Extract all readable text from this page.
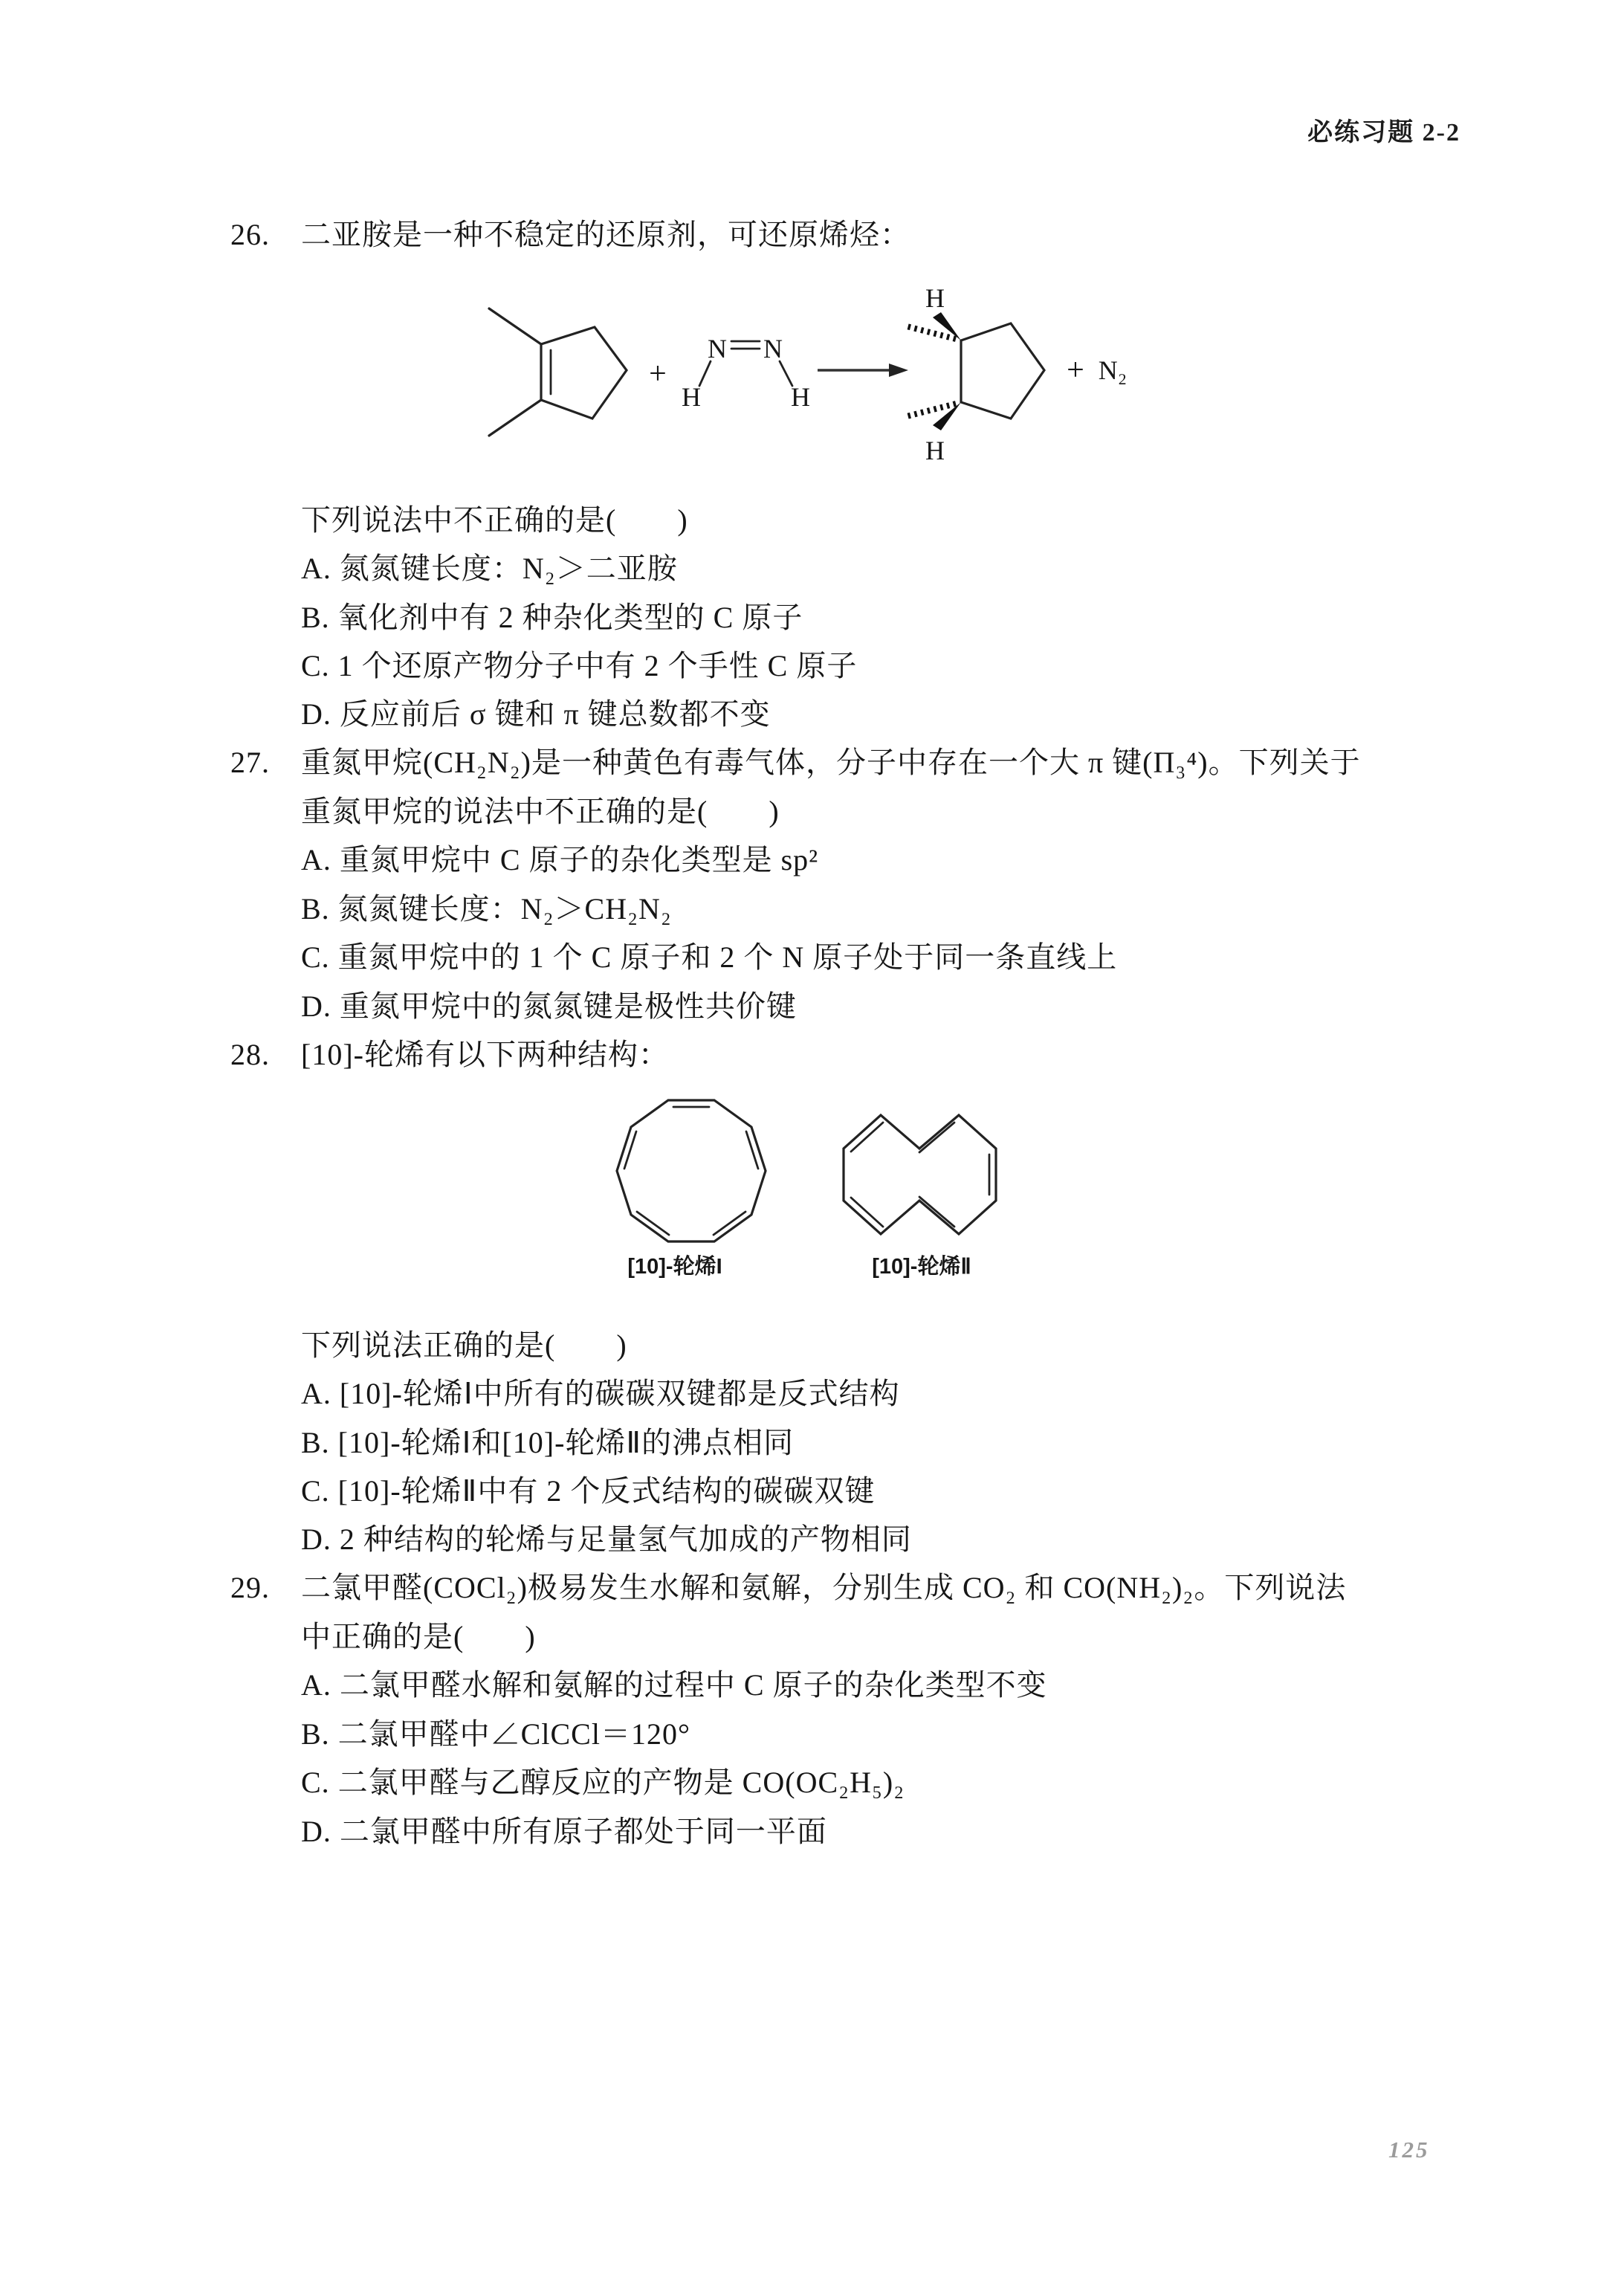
必练习题 2-2
26. 二亚胺是一种不稳定的还原剂，可还原烯烃：
+
N N
H	H
H
H
+ N₂
下列说法中不正确的是(　　)
A. 氮氮键长度：N₂＞二亚胺
B. 氧化剂中有 2 种杂化类型的 C 原子
C. 1 个还原产物分子中有 2 个手性 C 原子
D. 反应前后 σ 键和 π 键总数都不变
27. 重氮甲烷(CH₂N₂)是一种黄色有毒气体，分子中存在一个大 π 键(Π₃⁴)。下列关于
重氮甲烷的说法中不正确的是(　　)
A. 重氮甲烷中 C 原子的杂化类型是 sp²
B. 氮氮键长度：N₂＞CH₂N₂
C. 重氮甲烷中的 1 个 C 原子和 2 个 N 原子处于同一条直线上
D. 重氮甲烷中的氮氮键是极性共价键
28. [10]-轮烯有以下两种结构：
[10]-轮烯I	[10]-轮烯Ⅱ
下列说法正确的是(　　)
A. [10]-轮烯Ⅰ中所有的碳碳双键都是反式结构
B. [10]-轮烯Ⅰ和[10]-轮烯Ⅱ的沸点相同
C. [10]-轮烯Ⅱ中有 2 个反式结构的碳碳双键
D. 2 种结构的轮烯与足量氢气加成的产物相同
29. 二氯甲醛(COCl₂)极易发生水解和氨解，分别生成 CO₂ 和 CO(NH₂)₂。下列说法
中正确的是(　　)
A. 二氯甲醛水解和氨解的过程中 C 原子的杂化类型不变
B. 二氯甲醛中∠ClCCl＝120°
C. 二氯甲醛与乙醇反应的产物是 CO(OC₂H₅)₂
D. 二氯甲醛中所有原子都处于同一平面
125
